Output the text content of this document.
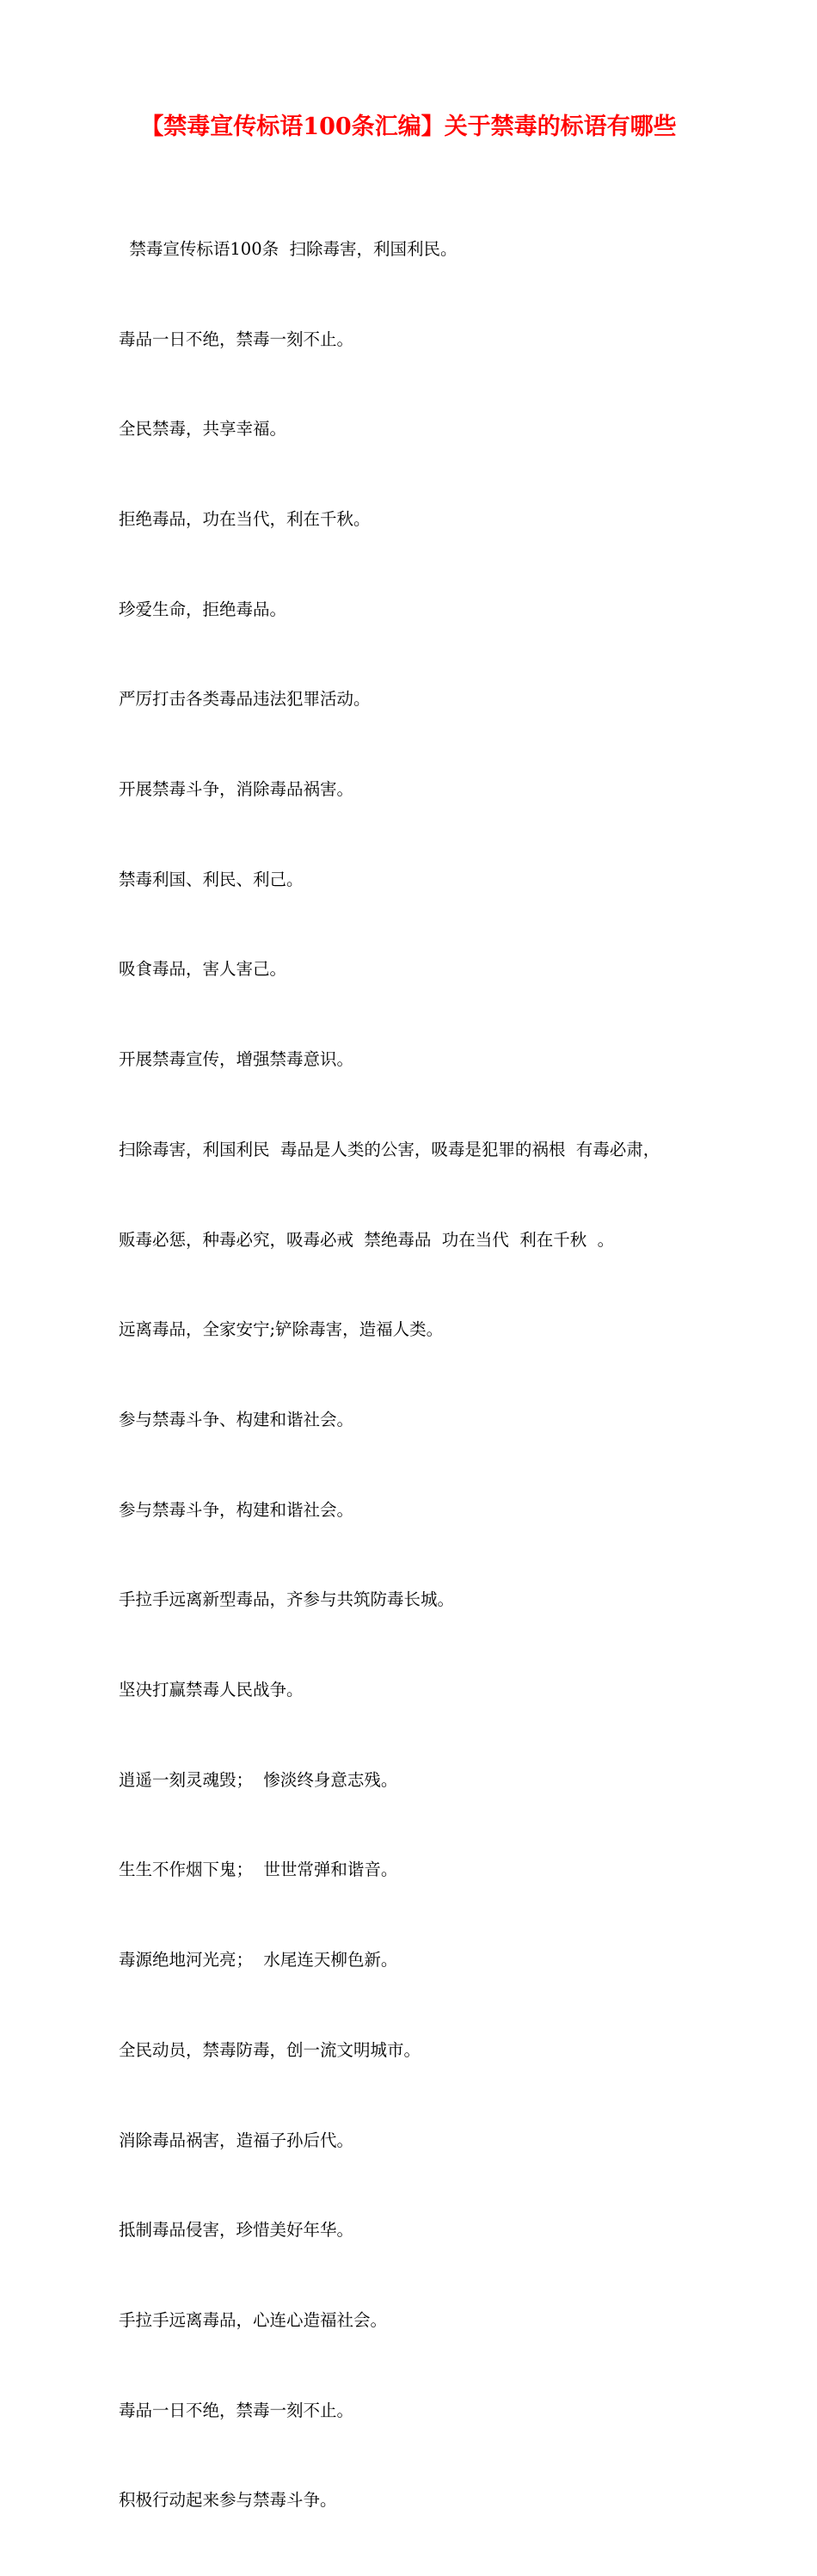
【禁毒宣传标语100条汇编】关于禁毒的标语有哪些

禁毒宣传标语100条  扫除毒害，利国利民。

毒品一日不绝，禁毒一刻不止。

全民禁毒，共享幸福。

拒绝毒品，功在当代，利在千秋。

珍爱生命，拒绝毒品。

严厉打击各类毒品违法犯罪活动。

开展禁毒斗争，消除毒品祸害。

禁毒利国、利民、利己。

吸食毒品，害人害己。

开展禁毒宣传，增强禁毒意识。

扫除毒害，利国利民  毒品是人类的公害，吸毒是犯罪的祸根  有毒必肃，

贩毒必惩，种毒必究，吸毒必戒  禁绝毒品  功在当代  利在千秋  。

远离毒品，全家安宁;铲除毒害，造福人类。

参与禁毒斗争、构建和谐社会。

参与禁毒斗争，构建和谐社会。

手拉手远离新型毒品，齐参与共筑防毒长城。

坚决打赢禁毒人民战争。

逍遥一刻灵魂毁；  惨淡终身意志残。

生生不作烟下鬼；  世世常弹和谐音。

毒源绝地河光亮；  水尾连天柳色新。

全民动员，禁毒防毒，创一流文明城市。

消除毒品祸害，造福子孙后代。

抵制毒品侵害，珍惜美好年华。

手拉手远离毒品，心连心造福社会。

毒品一日不绝，禁毒一刻不止。

积极行动起来参与禁毒斗争。
